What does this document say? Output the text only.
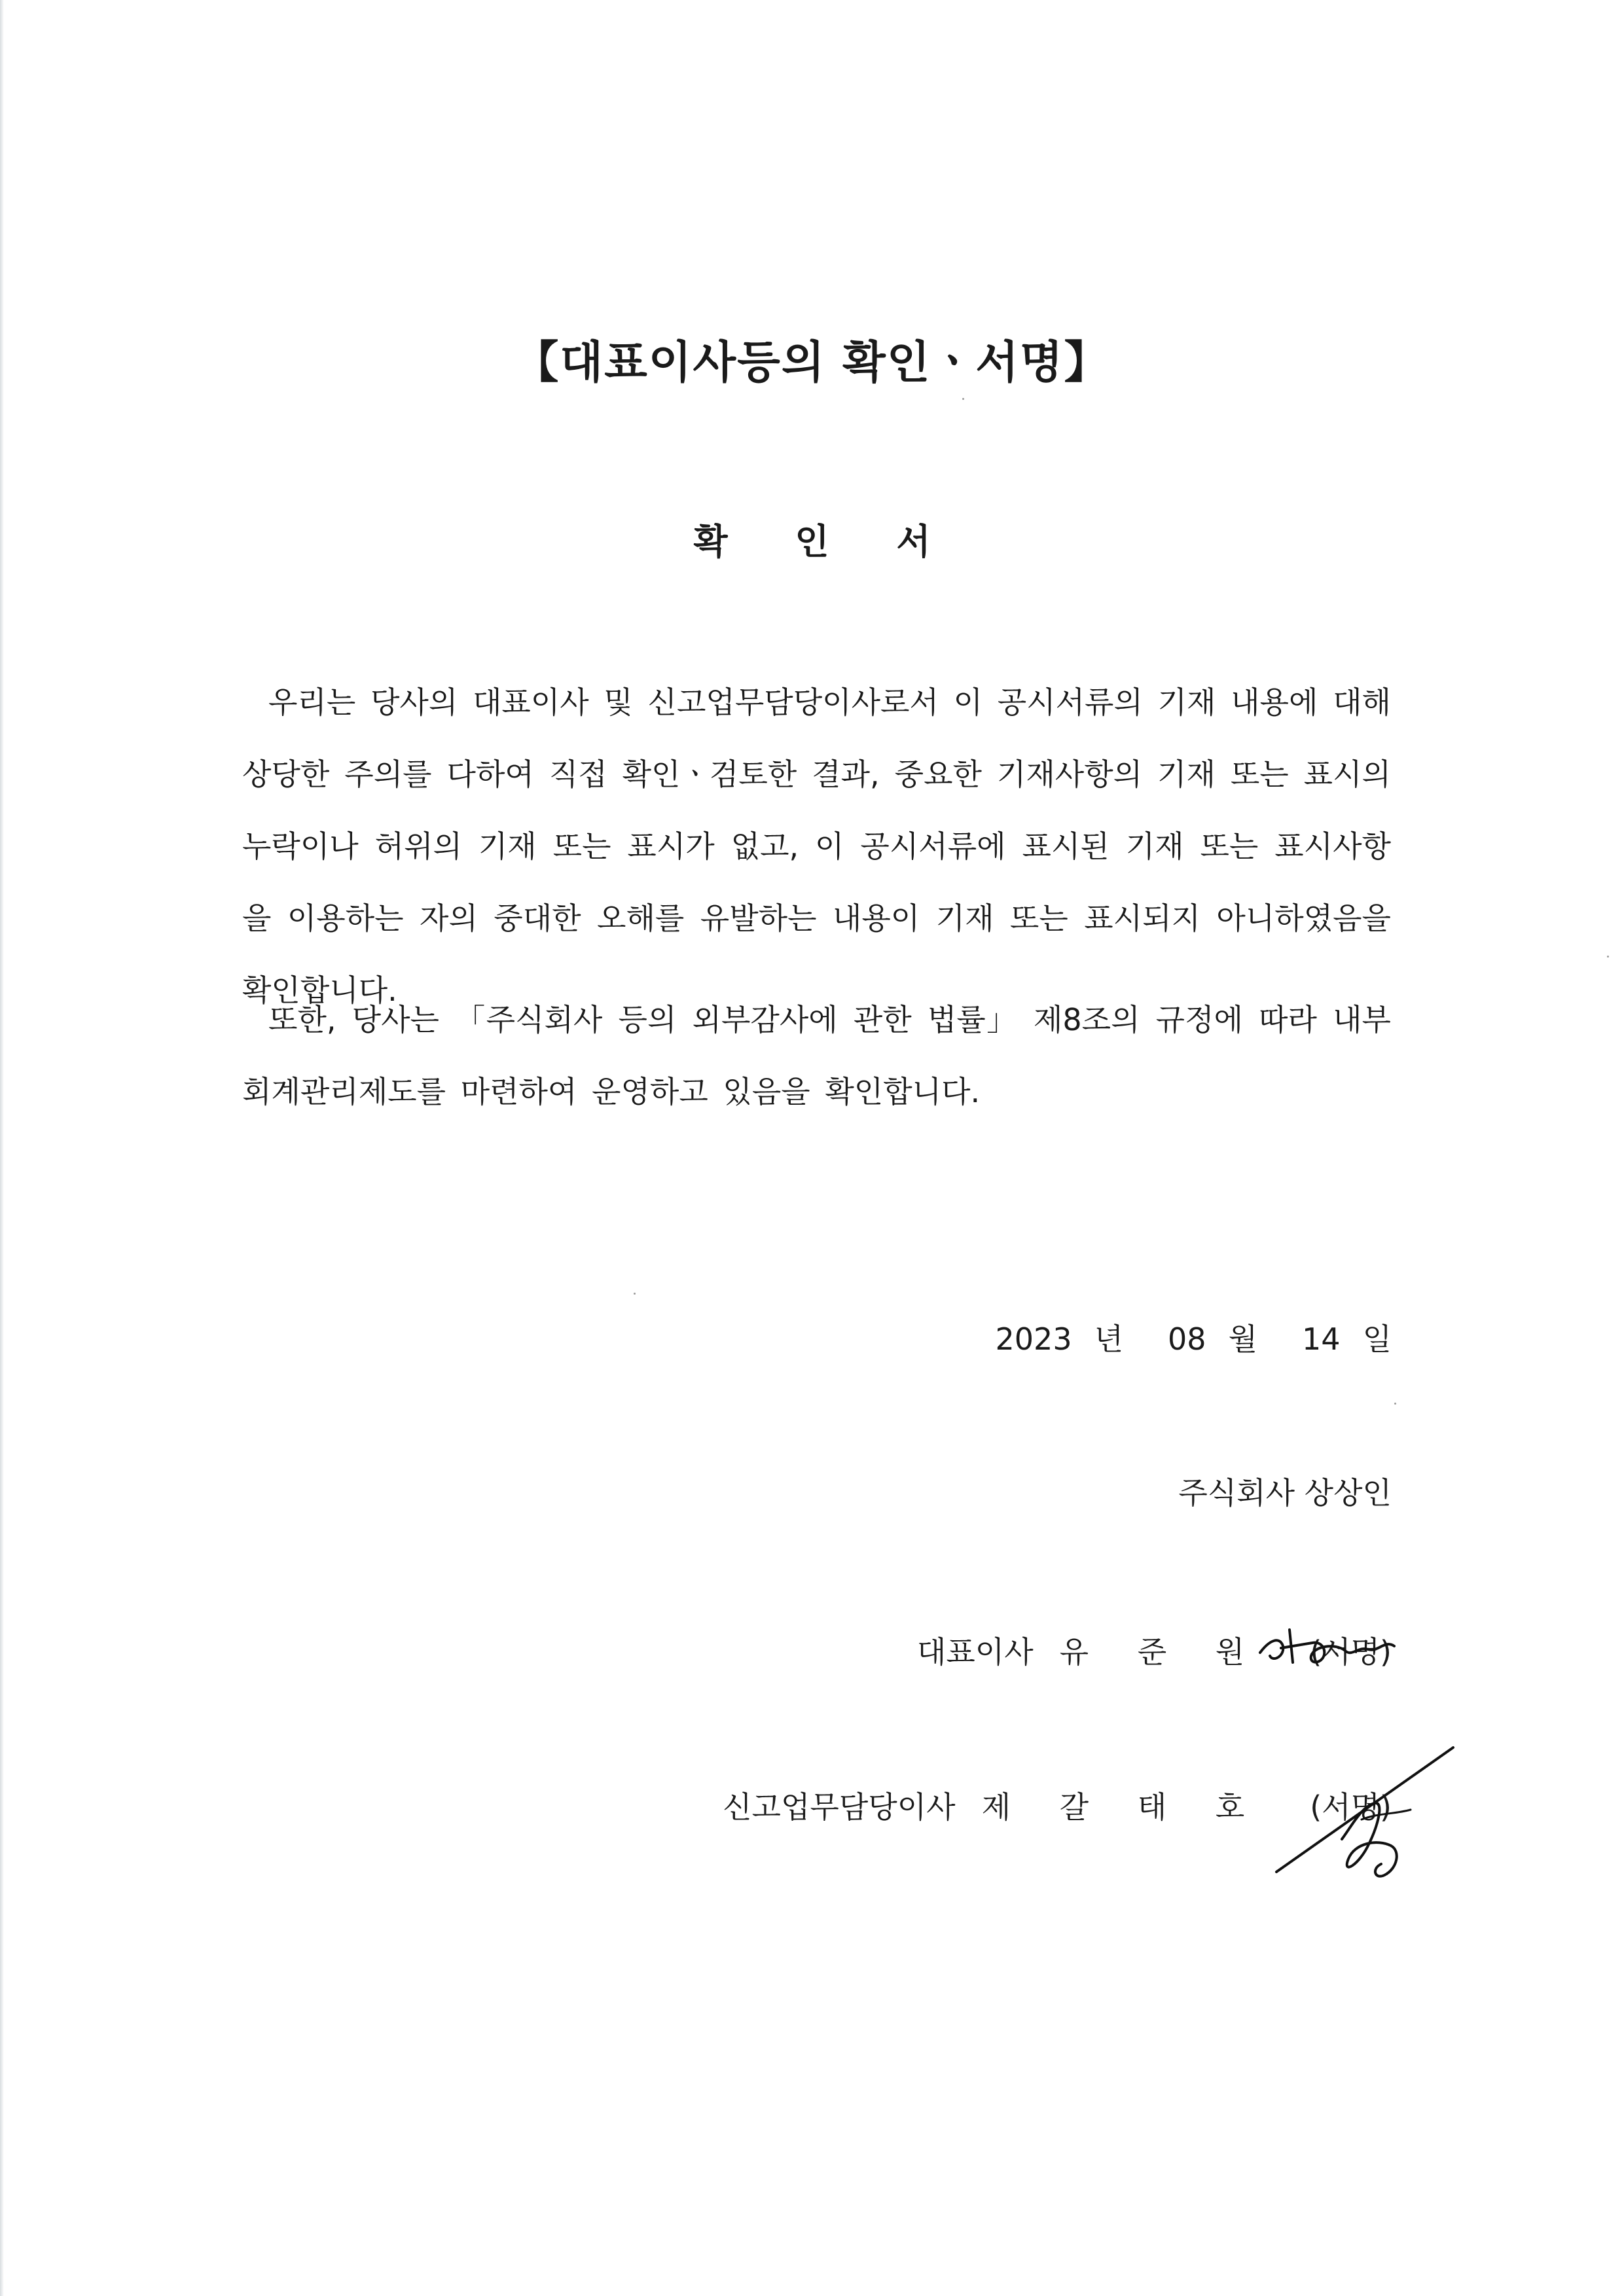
【대표이사등의 확인ㆍ서명】
확 인 서

우리는 당사의 대표이사 및 신고업무담당이사로서 이 공시서류의 기재 내용에 대해 상당한 주의를 다하여 직접 확인ㆍ검토한 결과, 중요한 기재사항의 기재 또는 표시의 누락이나 허위의 기재 또는 표시가 없고, 이 공시서류에 표시된 기재 또는 표시사항을 이용하는 자의 중대한 오해를 유발하는 내용이 기재 또는 표시되지 아니하였음을 확인합니다.

또한, 당사는 「주식회사 등의 외부감사에 관한 법률」 제8조의 규정에 따라 내부회계관리제도를 마련하여 운영하고 있음을 확인합니다.

2023 년 08 월 14 일
주식회사 상상인
대표이사 유 준 원 (서명)
신고업무담당이사 제 갈 태 호 (서명)
